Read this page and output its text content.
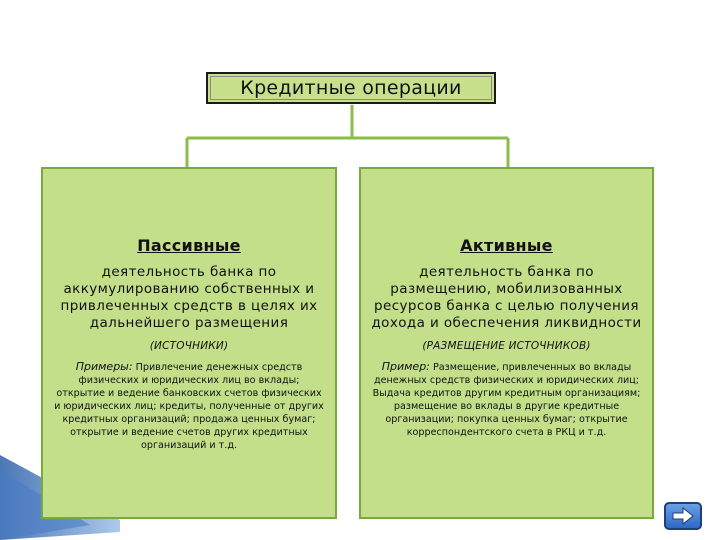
Кредитные операции
Пассивные
деятельность банка по
аккумулированию собственных и
привлеченных средств в целях их
дальнейшего размещения
(ИСТОЧНИКИ)
Примеры: Привлечение денежных средств
физических и юридических лиц во вклады;
открытие и ведение банковских счетов физических
и юридических лиц; кредиты, полученные от других
кредитных организаций; продажа ценных бумаг;
открытие и ведение счетов других кредитных
организаций и т.д.
Активные
деятельность банка по
размещению, мобилизованных
ресурсов банка с целью получения
дохода и обеспечения ликвидности
(РАЗМЕЩЕНИЕ ИСТОЧНИКОВ)
Пример: Размещение, привлеченных во вклады
денежных средств физических и юридических лиц;
Выдача кредитов другим кредитным организациям;
размещение во вклады в другие кредитные
организации; покупка ценных бумаг; открытие
корреспондентского счета в РКЦ и т.д.
